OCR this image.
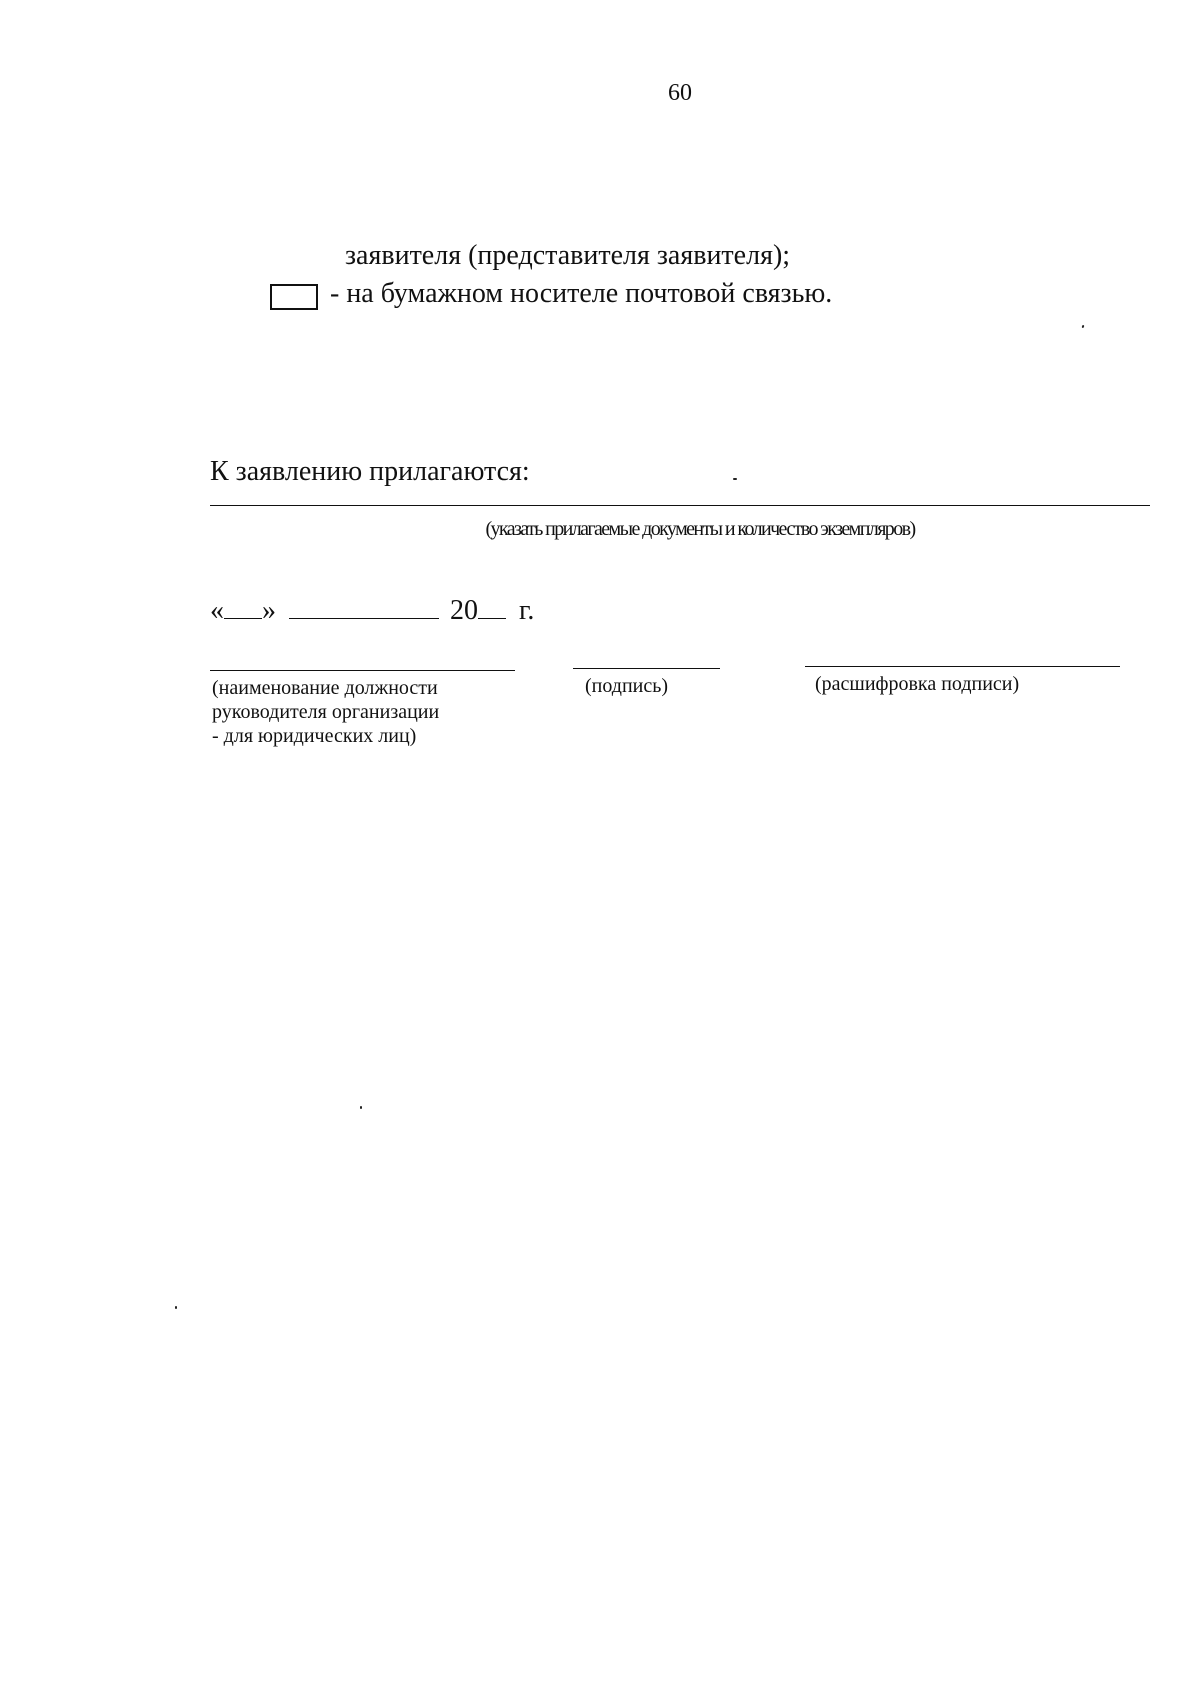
60
заявителя (представителя заявителя);
- на бумажном носителе почтовой связью.
К заявлению прилагаются:
(указать прилагаемые документы и количество экземпляров)
« »	20 г.
(наименование должности
руководителя организации
- для юридических лиц)
(подпись)	(расшифровка подписи)
